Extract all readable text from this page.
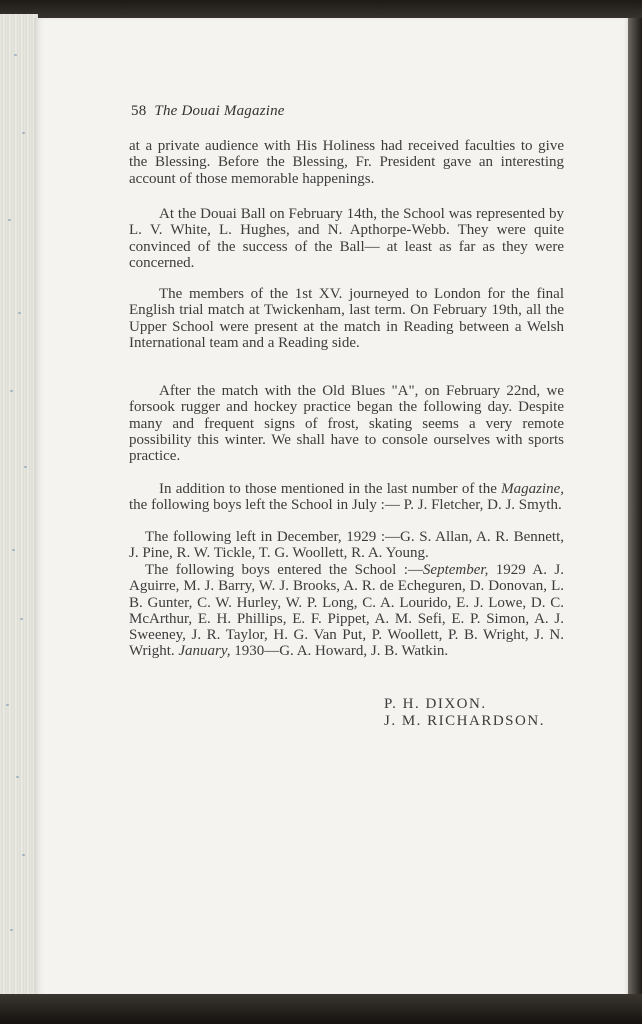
58 The Douai Magazine

at a private audience with His Holiness had received faculties to give the Blessing. Before the Blessing, Fr. President gave an interesting account of those memorable happenings.

At the Douai Ball on February 14th, the School was represented by L. V. White, L. Hughes, and N. Apthorpe-Webb. They were quite convinced of the success of the Ball— at least as far as they were concerned.

The members of the 1st XV. journeyed to London for the final English trial match at Twickenham, last term. On February 19th, all the Upper School were present at the match in Reading between a Welsh International team and a Reading side.

After the match with the Old Blues "A", on February 22nd, we forsook rugger and hockey practice began the following day. Despite many and frequent signs of frost, skating seems a very remote possibility this winter. We shall have to console ourselves with sports practice.

In addition to those mentioned in the last number of the Magazine, the following boys left the School in July :— P. J. Fletcher, D. J. Smyth.

The following left in December, 1929 :—G. S. Allan, A. R. Bennett, J. Pine, R. W. Tickle, T. G. Woollett, R. A. Young.

The following boys entered the School :—September, 1929 A. J. Aguirre, M. J. Barry, W. J. Brooks, A. R. de Echeguren, D. Donovan, L. B. Gunter, C. W. Hurley, W. P. Long, C. A. Lourido, E. J. Lowe, D. C. McArthur, E. H. Phillips, E. F. Pippet, A. M. Sefi, E. P. Simon, A. J. Sweeney, J. R. Taylor, H. G. Van Put, P. Woollett, P. B. Wright, J. N. Wright. January, 1930—G. A. Howard, J. B. Watkin.

P. H. DIXON.
J. M. RICHARDSON.
